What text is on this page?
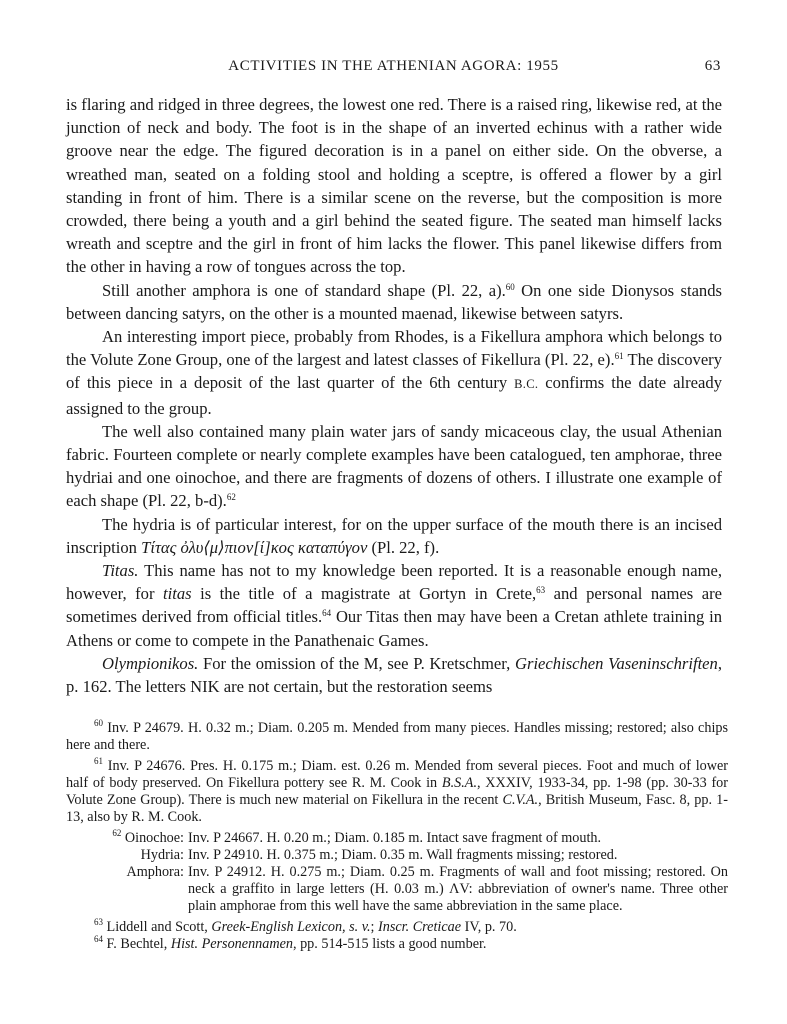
ACTIVITIES IN THE ATHENIAN AGORA: 1955	63

is flaring and ridged in three degrees, the lowest one red. There is a raised ring, likewise red, at the junction of neck and body. The foot is in the shape of an inverted echinus with a rather wide groove near the edge. The figured decoration is in a panel on either side. On the obverse, a wreathed man, seated on a folding stool and holding a sceptre, is offered a flower by a girl standing in front of him. There is a similar scene on the reverse, but the composition is more crowded, there being a youth and a girl behind the seated figure. The seated man himself lacks wreath and sceptre and the girl in front of him lacks the flower. This panel likewise differs from the other in having a row of tongues across the top.

Still another amphora is one of standard shape (Pl. 22, a).$^{60}$ On one side Dionysos stands between dancing satyrs, on the other is a mounted maenad, likewise between satyrs.

An interesting import piece, probably from Rhodes, is a Fikellura amphora which belongs to the Volute Zone Group, one of the largest and latest classes of Fikellura (Pl. 22, e).$^{61}$ The discovery of this piece in a deposit of the last quarter of the 6th century B.C. confirms the date already assigned to the group.

The well also contained many plain water jars of sandy micaceous clay, the usual Athenian fabric. Fourteen complete or nearly complete examples have been catalogued, ten amphorae, three hydriai and one oinochoe, and there are fragments of dozens of others. I illustrate one example of each shape (Pl. 22, b-d).$^{62}$

The hydria is of particular interest, for on the upper surface of the mouth there is an incised inscription Τίτας ὀλυ⟨μ⟩πιον[ί]κος καταπύγον (Pl. 22, f).

Titas. This name has not to my knowledge been reported. It is a reasonable enough name, however, for titas is the title of a magistrate at Gortyn in Crete,$^{63}$ and personal names are sometimes derived from official titles.$^{64}$ Our Titas then may have been a Cretan athlete training in Athens or come to compete in the Panathenaic Games.

Olympionikos. For the omission of the M, see P. Kretschmer, Griechischen Vaseninschriften, p. 162. The letters NIK are not certain, but the restoration seems

$^{60}$ Inv. P 24679. H. 0.32 m.; Diam. 0.205 m. Mended from many pieces. Handles missing; restored; also chips here and there.

$^{61}$ Inv. P 24676. Pres. H. 0.175 m.; Diam. est. 0.26 m. Mended from several pieces. Foot and much of lower half of body preserved. On Fikellura pottery see R. M. Cook in B.S.A., XXXIV, 1933-34, pp. 1-98 (pp. 30-33 for Volute Zone Group). There is much new material on Fikellura in the recent C.V.A., British Museum, Fasc. 8, pp. 1-13, also by R. M. Cook.

$^{62}$ Oinochoe: Inv. P 24667. H. 0.20 m.; Diam. 0.185 m. Intact save fragment of mouth.
Hydria: Inv. P 24910. H. 0.375 m.; Diam. 0.35 m. Wall fragments missing; restored.
Amphora: Inv. P 24912. H. 0.275 m.; Diam. 0.25 m. Fragments of wall and foot missing; restored. On neck a graffito in large letters (H. 0.03 m.) ΛV: abbreviation of owner's name. Three other plain amphorae from this well have the same abbreviation in the same place.

$^{63}$ Liddell and Scott, Greek-English Lexicon, s. v.; Inscr. Creticae IV, p. 70.

$^{64}$ F. Bechtel, Hist. Personennamen, pp. 514-515 lists a good number.
